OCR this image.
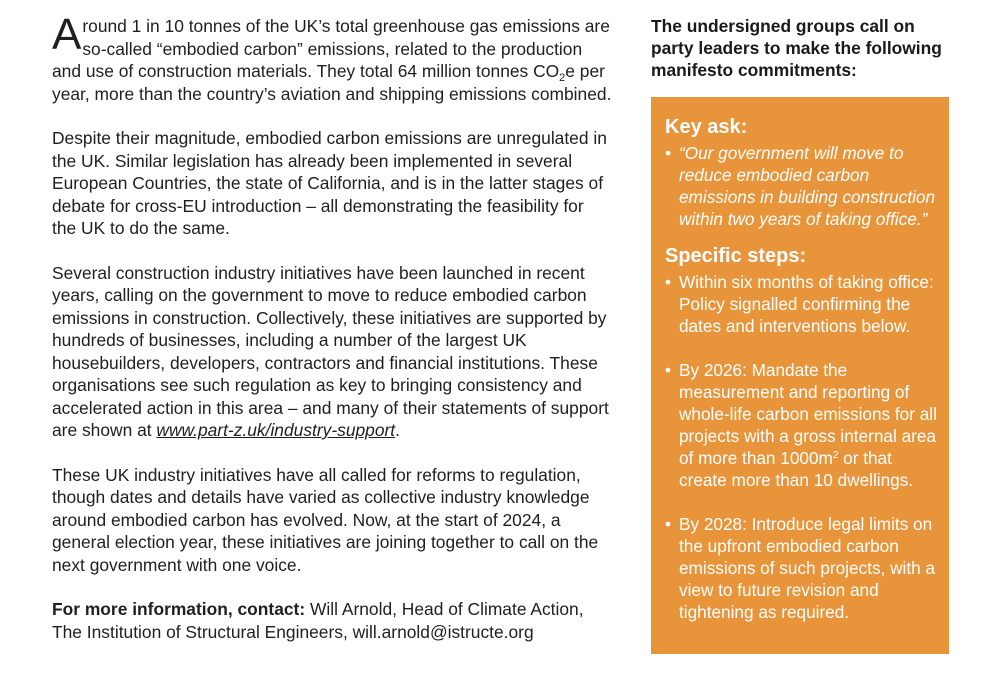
Around 1 in 10 tonnes of the UK’s total greenhouse gas emissions are so-called “embodied carbon” emissions, related to the production and use of construction materials. They total 64 million tonnes $CO_2e$ per year, more than the country’s aviation and shipping emissions combined.

Despite their magnitude, embodied carbon emissions are unregulated in the UK. Similar legislation has already been implemented in several European Countries, the state of California, and is in the latter stages of debate for cross-EU introduction – all demonstrating the feasibility for the UK to do the same.

Several construction industry initiatives have been launched in recent years, calling on the government to move to reduce embodied carbon emissions in construction. Collectively, these initiatives are supported by hundreds of businesses, including a number of the largest UK housebuilders, developers, contractors and financial institutions. These organisations see such regulation as key to bringing consistency and accelerated action in this area – and many of their statements of support are shown at www.part-z.uk/industry-support.

These UK industry initiatives have all called for reforms to regulation, though dates and details have varied as collective industry knowledge around embodied carbon has evolved. Now, at the start of 2024, a general election year, these initiatives are joining together to call on the next government with one voice.

For more information, contact: Will Arnold, Head of Climate Action, The Institution of Structural Engineers, will.arnold@istructe.org

The undersigned groups call on party leaders to make the following manifesto commitments:

Key ask:
• “Our government will move to reduce embodied carbon emissions in building construction within two years of taking office.”
Specific steps:
• Within six months of taking office: Policy signalled confirming the dates and interventions below.
• By 2026: Mandate the measurement and reporting of whole-life carbon emissions for all projects with a gross internal area of more than $1000m^2$ or that create more than 10 dwellings.
• By 2028: Introduce legal limits on the upfront embodied carbon emissions of such projects, with a view to future revision and tightening as required.
